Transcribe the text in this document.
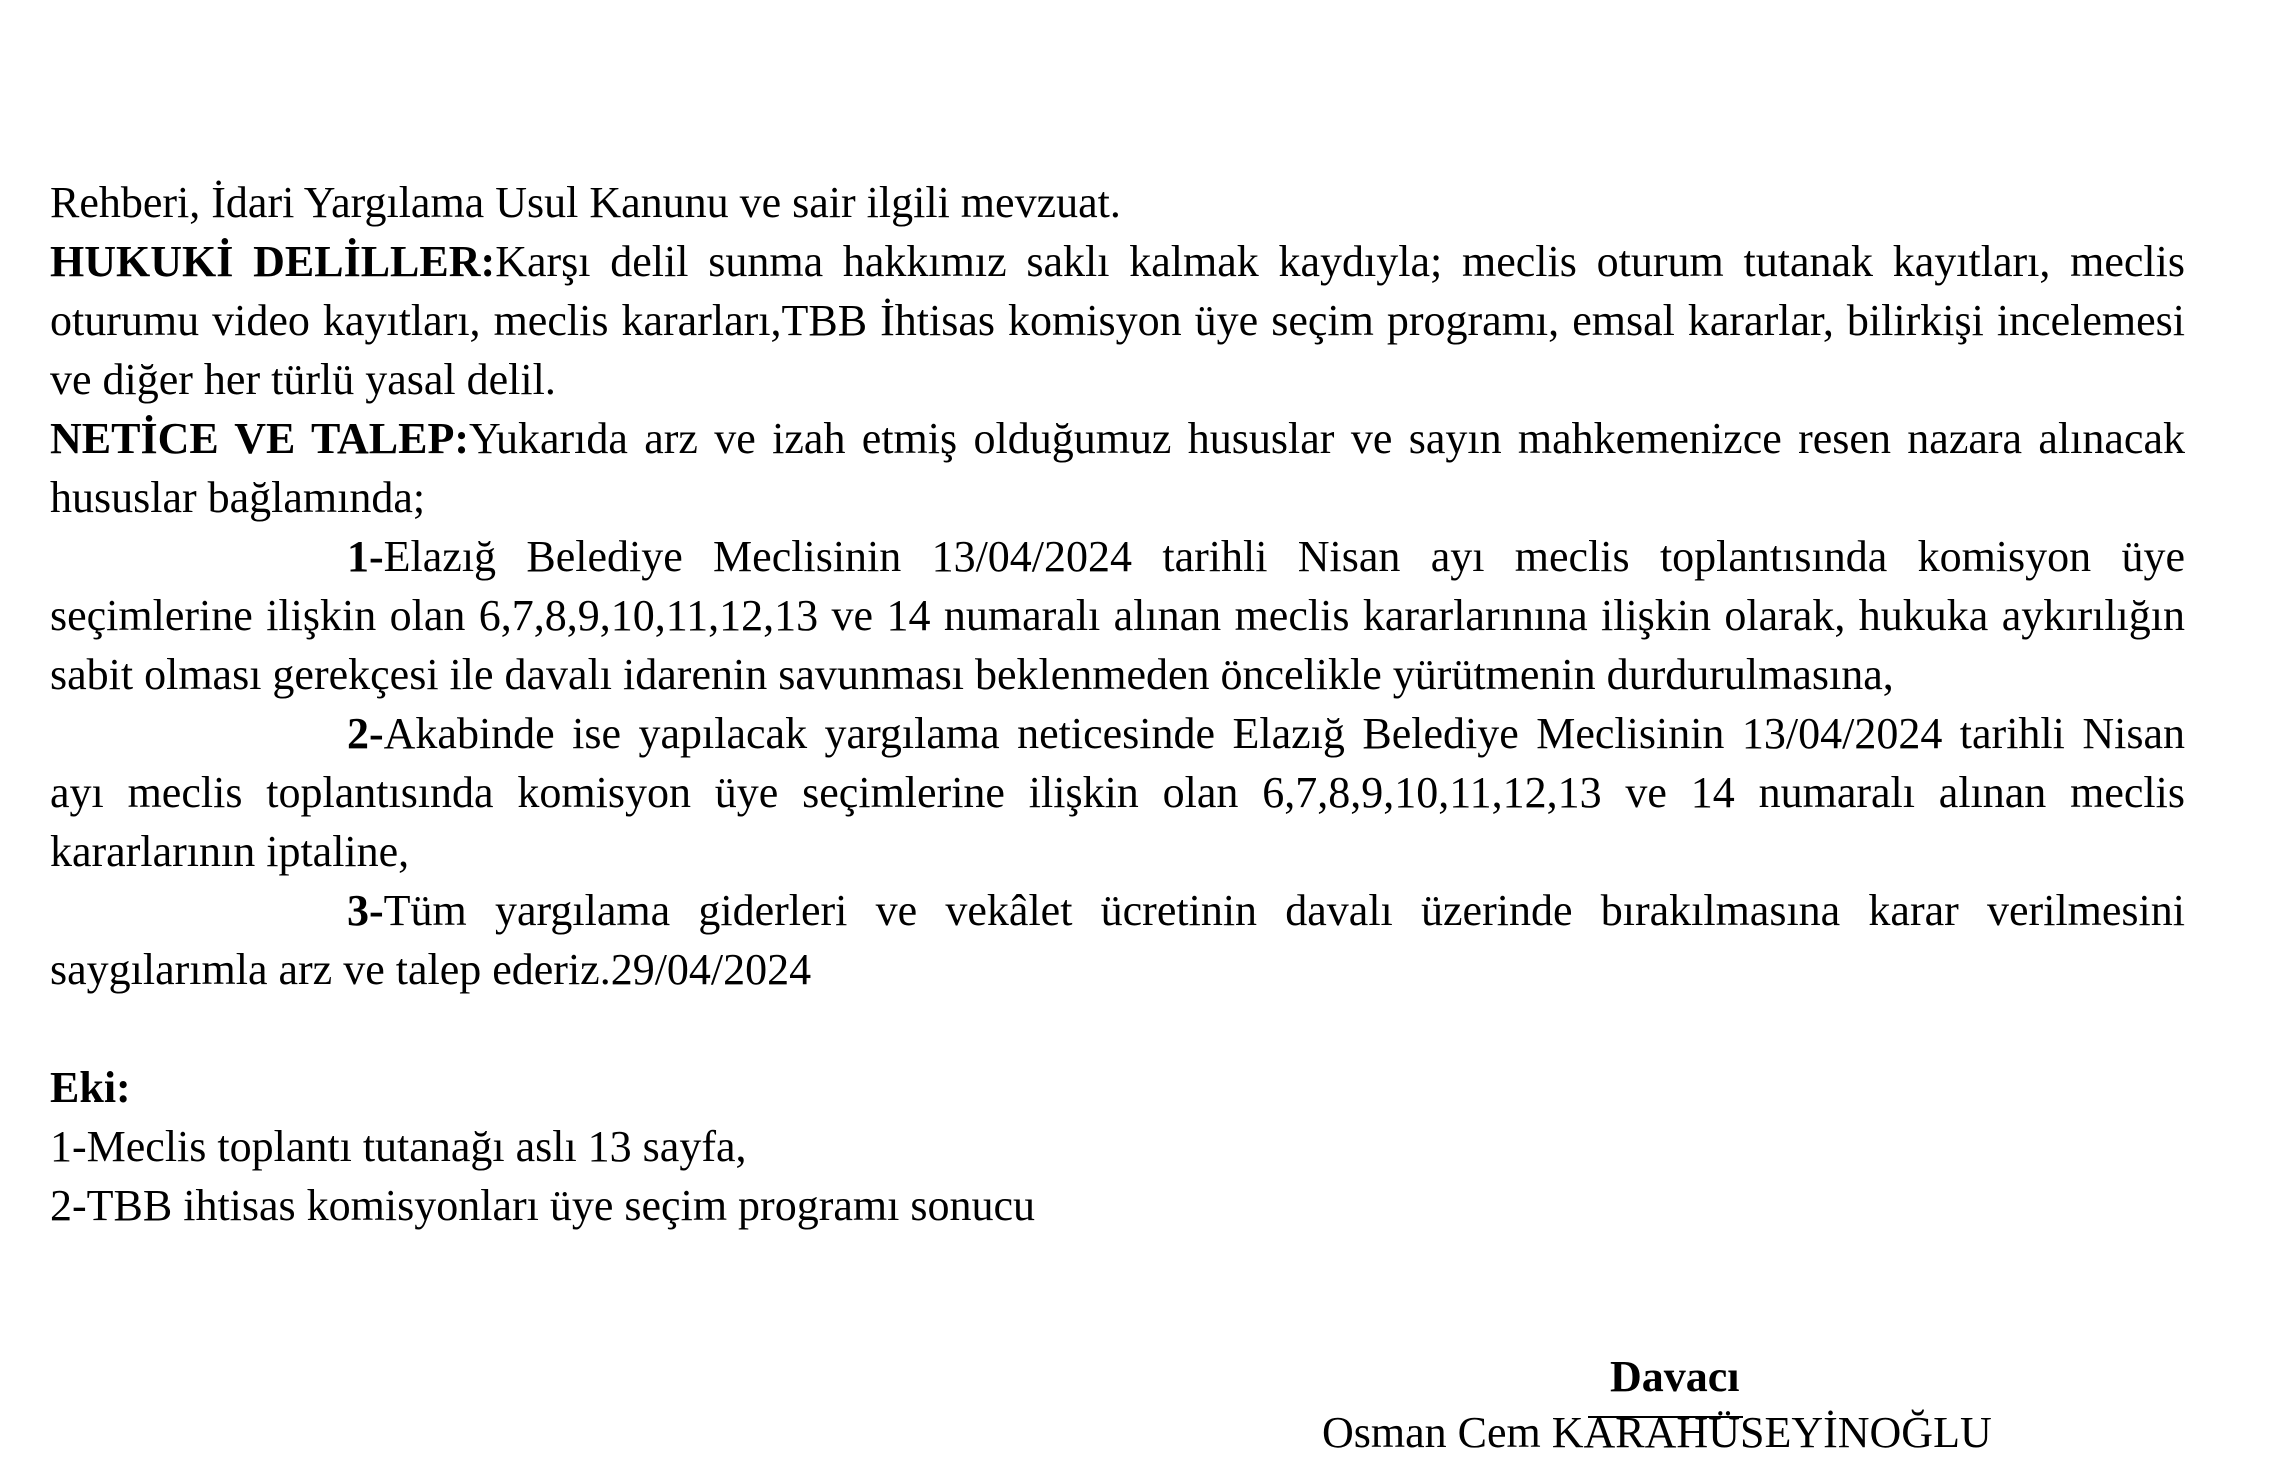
Rehberi, İdari Yargılama Usul Kanunu ve sair ilgili mevzuat.

HUKUKİ DELİLLER:Karşı delil sunma hakkımız saklı kalmak kaydıyla; meclis oturum tutanak kayıtları, meclis oturumu video kayıtları, meclis kararları,TBB İhtisas komisyon üye seçim programı, emsal kararlar, bilirkişi incelemesi ve diğer her türlü yasal delil.

NETİCE VE TALEP:Yukarıda arz ve izah etmiş olduğumuz hususlar ve sayın mahkemenizce resen nazara alınacak hususlar bağlamında;

1-Elazığ Belediye Meclisinin 13/04/2024 tarihli Nisan ayı meclis toplantısında komisyon üye seçimlerine ilişkin olan 6,7,8,9,10,11,12,13 ve 14 numaralı alınan meclis kararlarınına ilişkin olarak, hukuka aykırılığın sabit olması gerekçesi ile davalı idarenin savunması beklenmeden öncelikle yürütmenin durdurulmasına,

2-Akabinde ise yapılacak yargılama neticesinde Elazığ Belediye Meclisinin 13/04/2024 tarihli Nisan ayı meclis toplantısında komisyon üye seçimlerine ilişkin olan 6,7,8,9,10,11,12,13 ve 14 numaralı alınan meclis kararlarının iptaline,

3-Tüm yargılama giderleri ve vekâlet ücretinin davalı üzerinde bırakılmasına karar verilmesini saygılarımla arz ve talep ederiz.29/04/2024

Eki:

1-Meclis toplantı tutanağı aslı 13 sayfa,

2-TBB ihtisas komisyonları üye seçim programı sonucu

Davacı
Osman Cem KARAHÜSEYİNOĞLU
